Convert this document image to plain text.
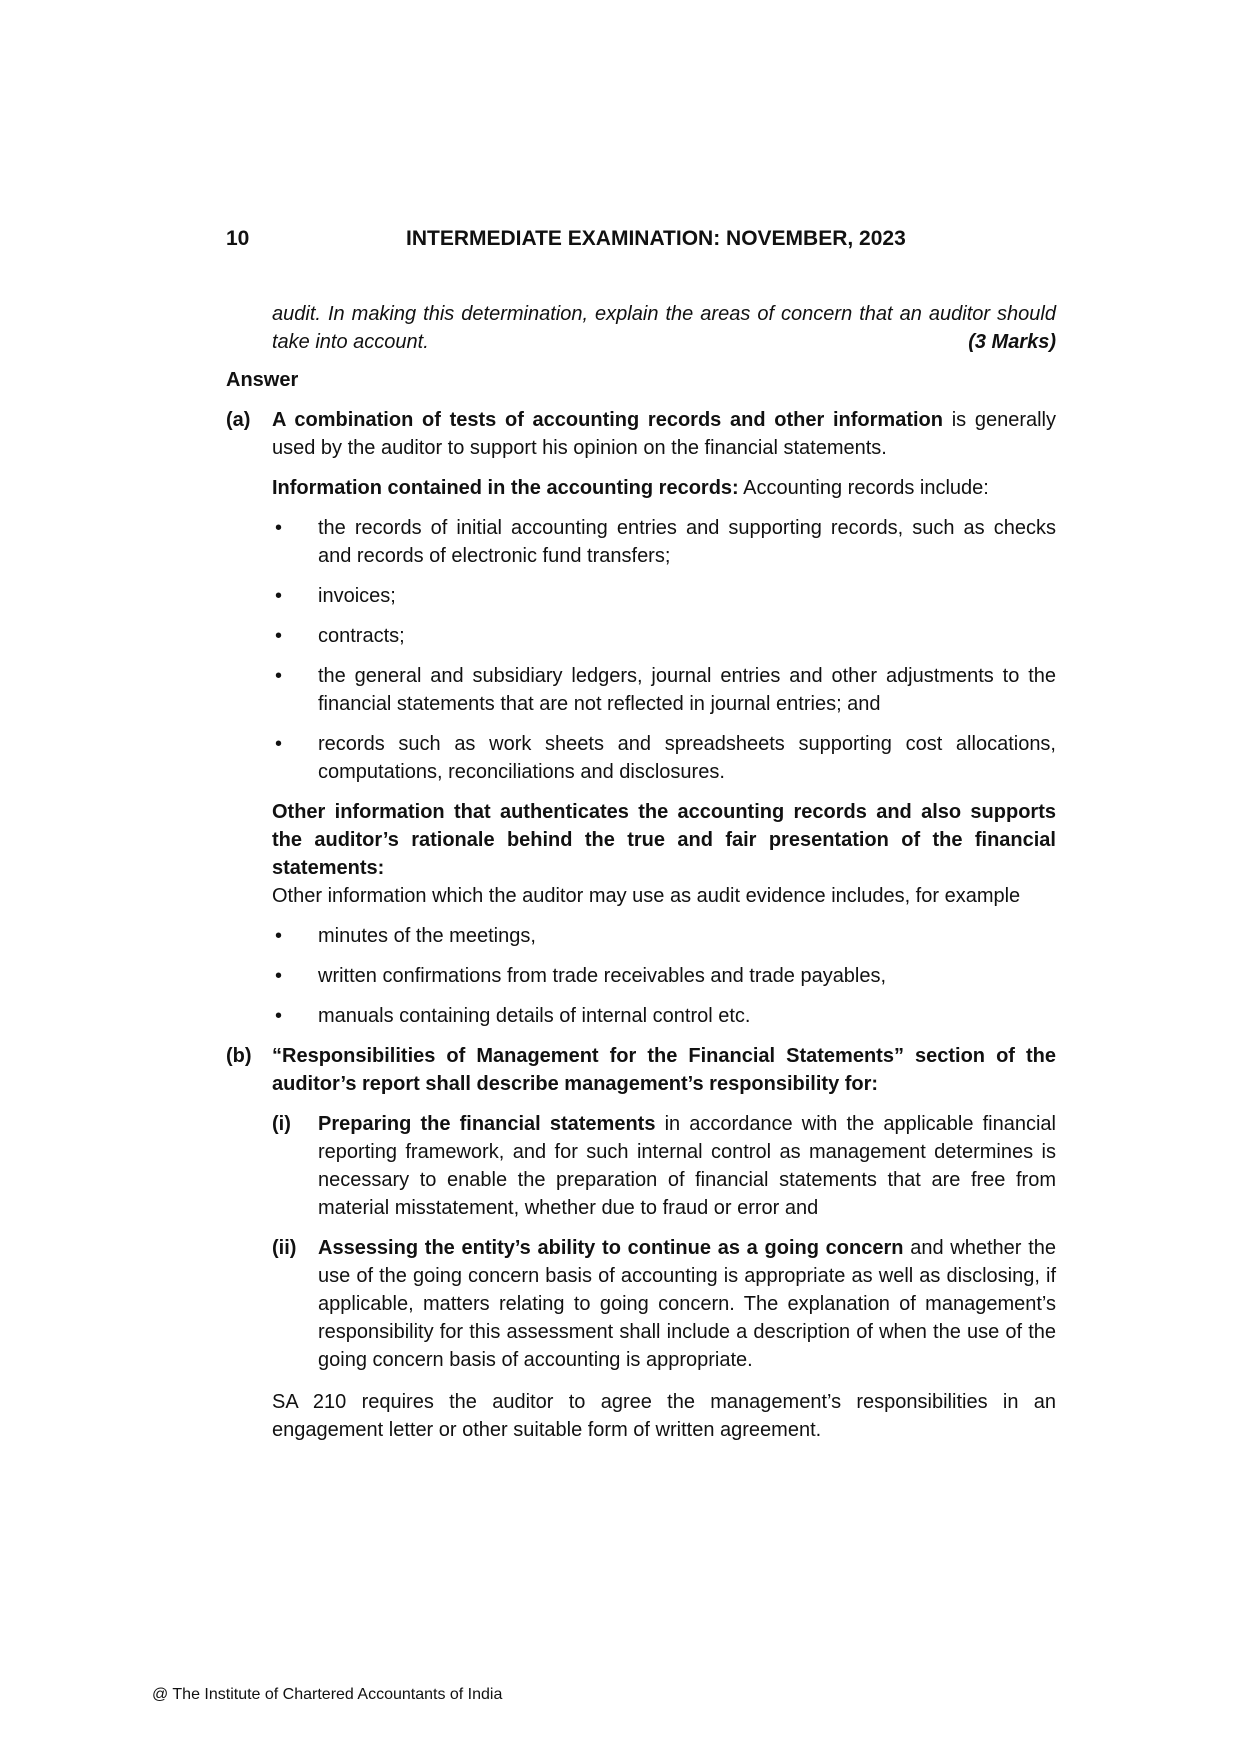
10	INTERMEDIATE EXAMINATION: NOVEMBER, 2023
audit. In making this determination, explain the areas of concern that an auditor should take into account.	(3 Marks)
Answer
(a) A combination of tests of accounting records and other information is generally used by the auditor to support his opinion on the financial statements.

Information contained in the accounting records: Accounting records include:

• the records of initial accounting entries and supporting records, such as checks and records of electronic fund transfers;
• invoices;
• contracts;
• the general and subsidiary ledgers, journal entries and other adjustments to the financial statements that are not reflected in journal entries; and
• records such as work sheets and spreadsheets supporting cost allocations, computations, reconciliations and disclosures.

Other information that authenticates the accounting records and also supports the auditor’s rationale behind the true and fair presentation of the financial statements:
Other information which the auditor may use as audit evidence includes, for example

• minutes of the meetings,
• written confirmations from trade receivables and trade payables,
• manuals containing details of internal control etc.
(b) “Responsibilities of Management for the Financial Statements” section of the auditor’s report shall describe management’s responsibility for:

(i) Preparing the financial statements in accordance with the applicable financial reporting framework, and for such internal control as management determines is necessary to enable the preparation of financial statements that are free from material misstatement, whether due to fraud or error and

(ii) Assessing the entity’s ability to continue as a going concern and whether the use of the going concern basis of accounting is appropriate as well as disclosing, if applicable, matters relating to going concern. The explanation of management’s responsibility for this assessment shall include a description of when the use of the going concern basis of accounting is appropriate.

SA 210 requires the auditor to agree the management’s responsibilities in an engagement letter or other suitable form of written agreement.

@ The Institute of Chartered Accountants of India
